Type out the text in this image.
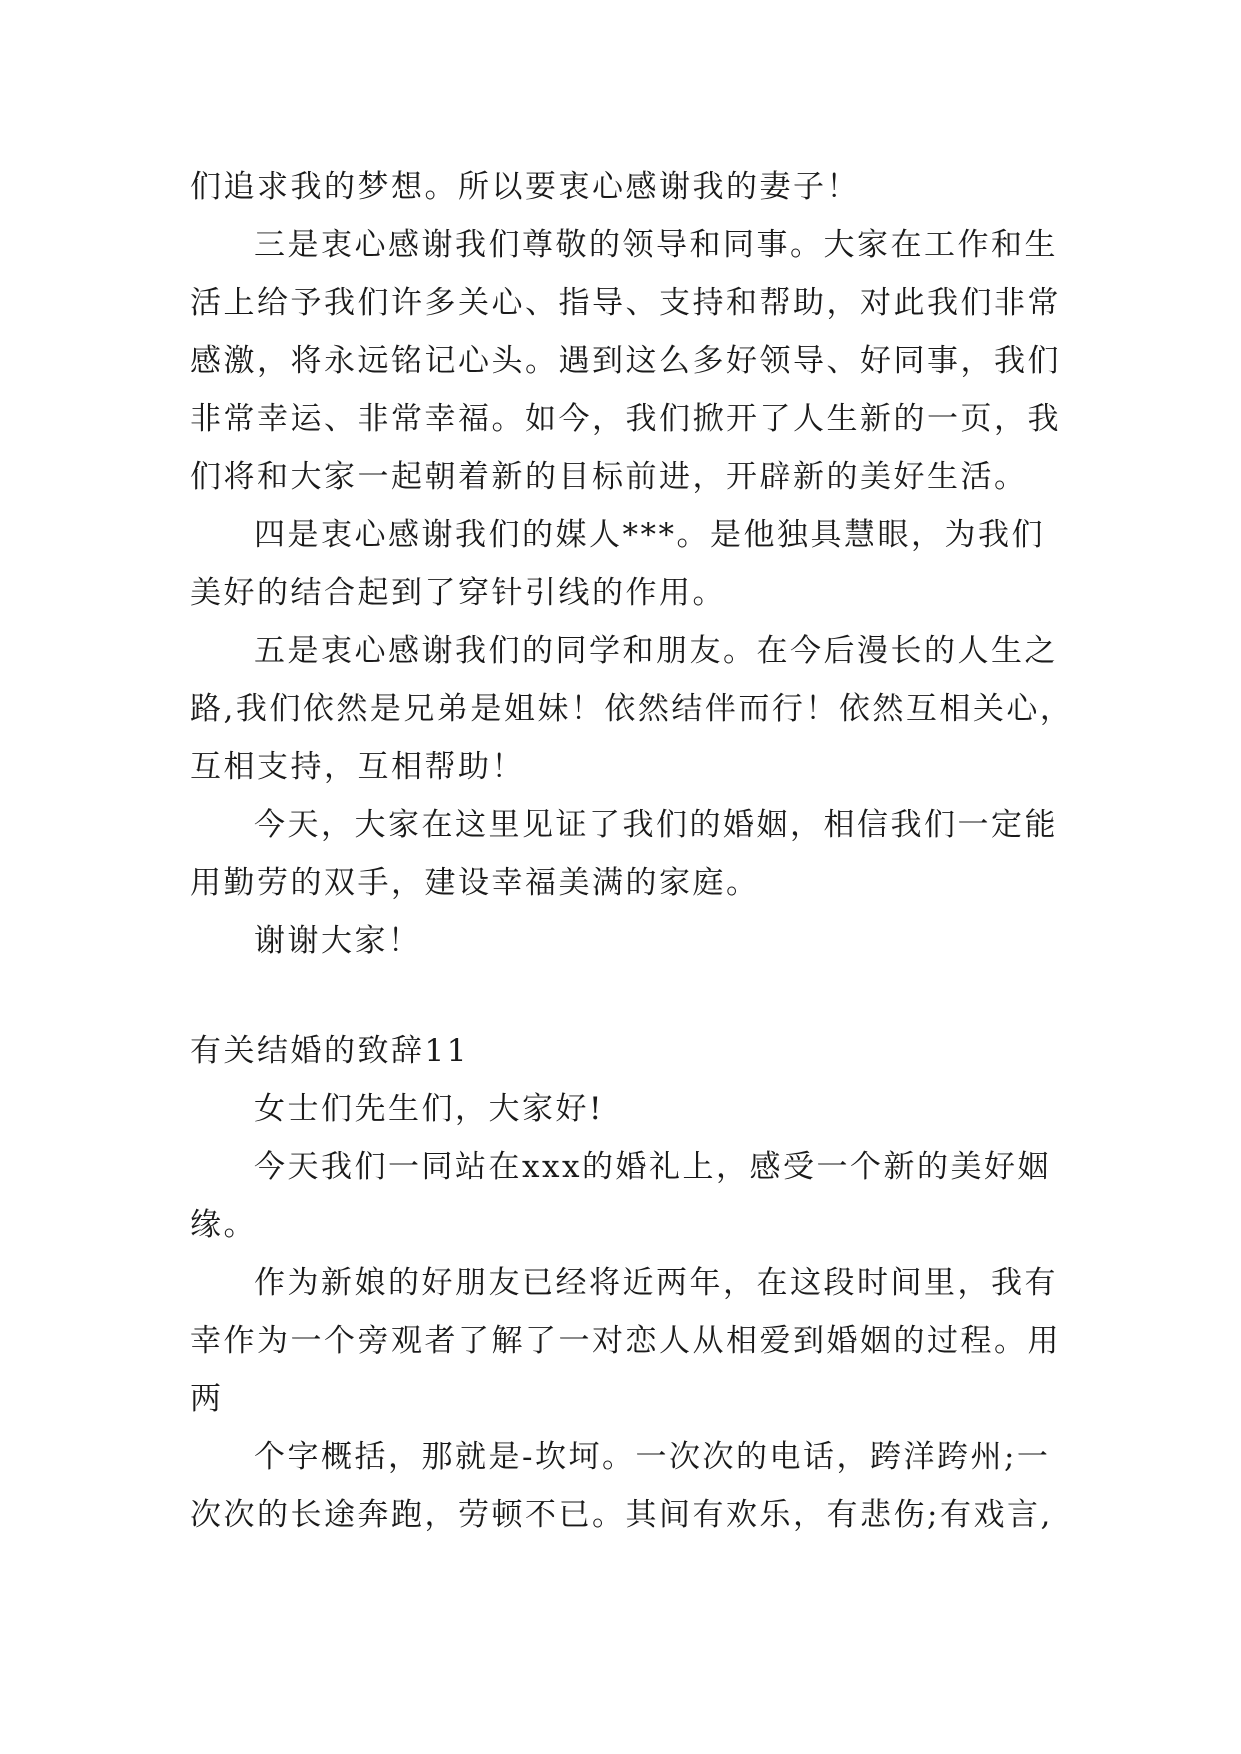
们追求我的梦想。所以要衷心感谢我的妻子！
三是衷心感谢我们尊敬的领导和同事。大家在工作和生
活上给予我们许多关心、指导、支持和帮助，对此我们非常
感激，将永远铭记心头。遇到这么多好领导、好同事，我们
非常幸运、非常幸福。如今，我们掀开了人生新的一页，我
们将和大家一起朝着新的目标前进，开辟新的美好生活。
四是衷心感谢我们的媒人***。是他独具慧眼，为我们
美好的结合起到了穿针引线的作用。
五是衷心感谢我们的同学和朋友。在今后漫长的人生之
路,我们依然是兄弟是姐妹！依然结伴而行！依然互相关心，
互相支持，互相帮助！
今天，大家在这里见证了我们的婚姻，相信我们一定能
用勤劳的双手，建设幸福美满的家庭。
谢谢大家！
有关结婚的致辞11
女士们先生们，大家好!
今天我们一同站在xxx的婚礼上，感受一个新的美好姻
缘。
作为新娘的好朋友已经将近两年，在这段时间里，我有
幸作为一个旁观者了解了一对恋人从相爱到婚姻的过程。用
两
个字概括，那就是-坎坷。一次次的电话，跨洋跨州;一
次次的长途奔跑，劳顿不已。其间有欢乐，有悲伤;有戏言,
